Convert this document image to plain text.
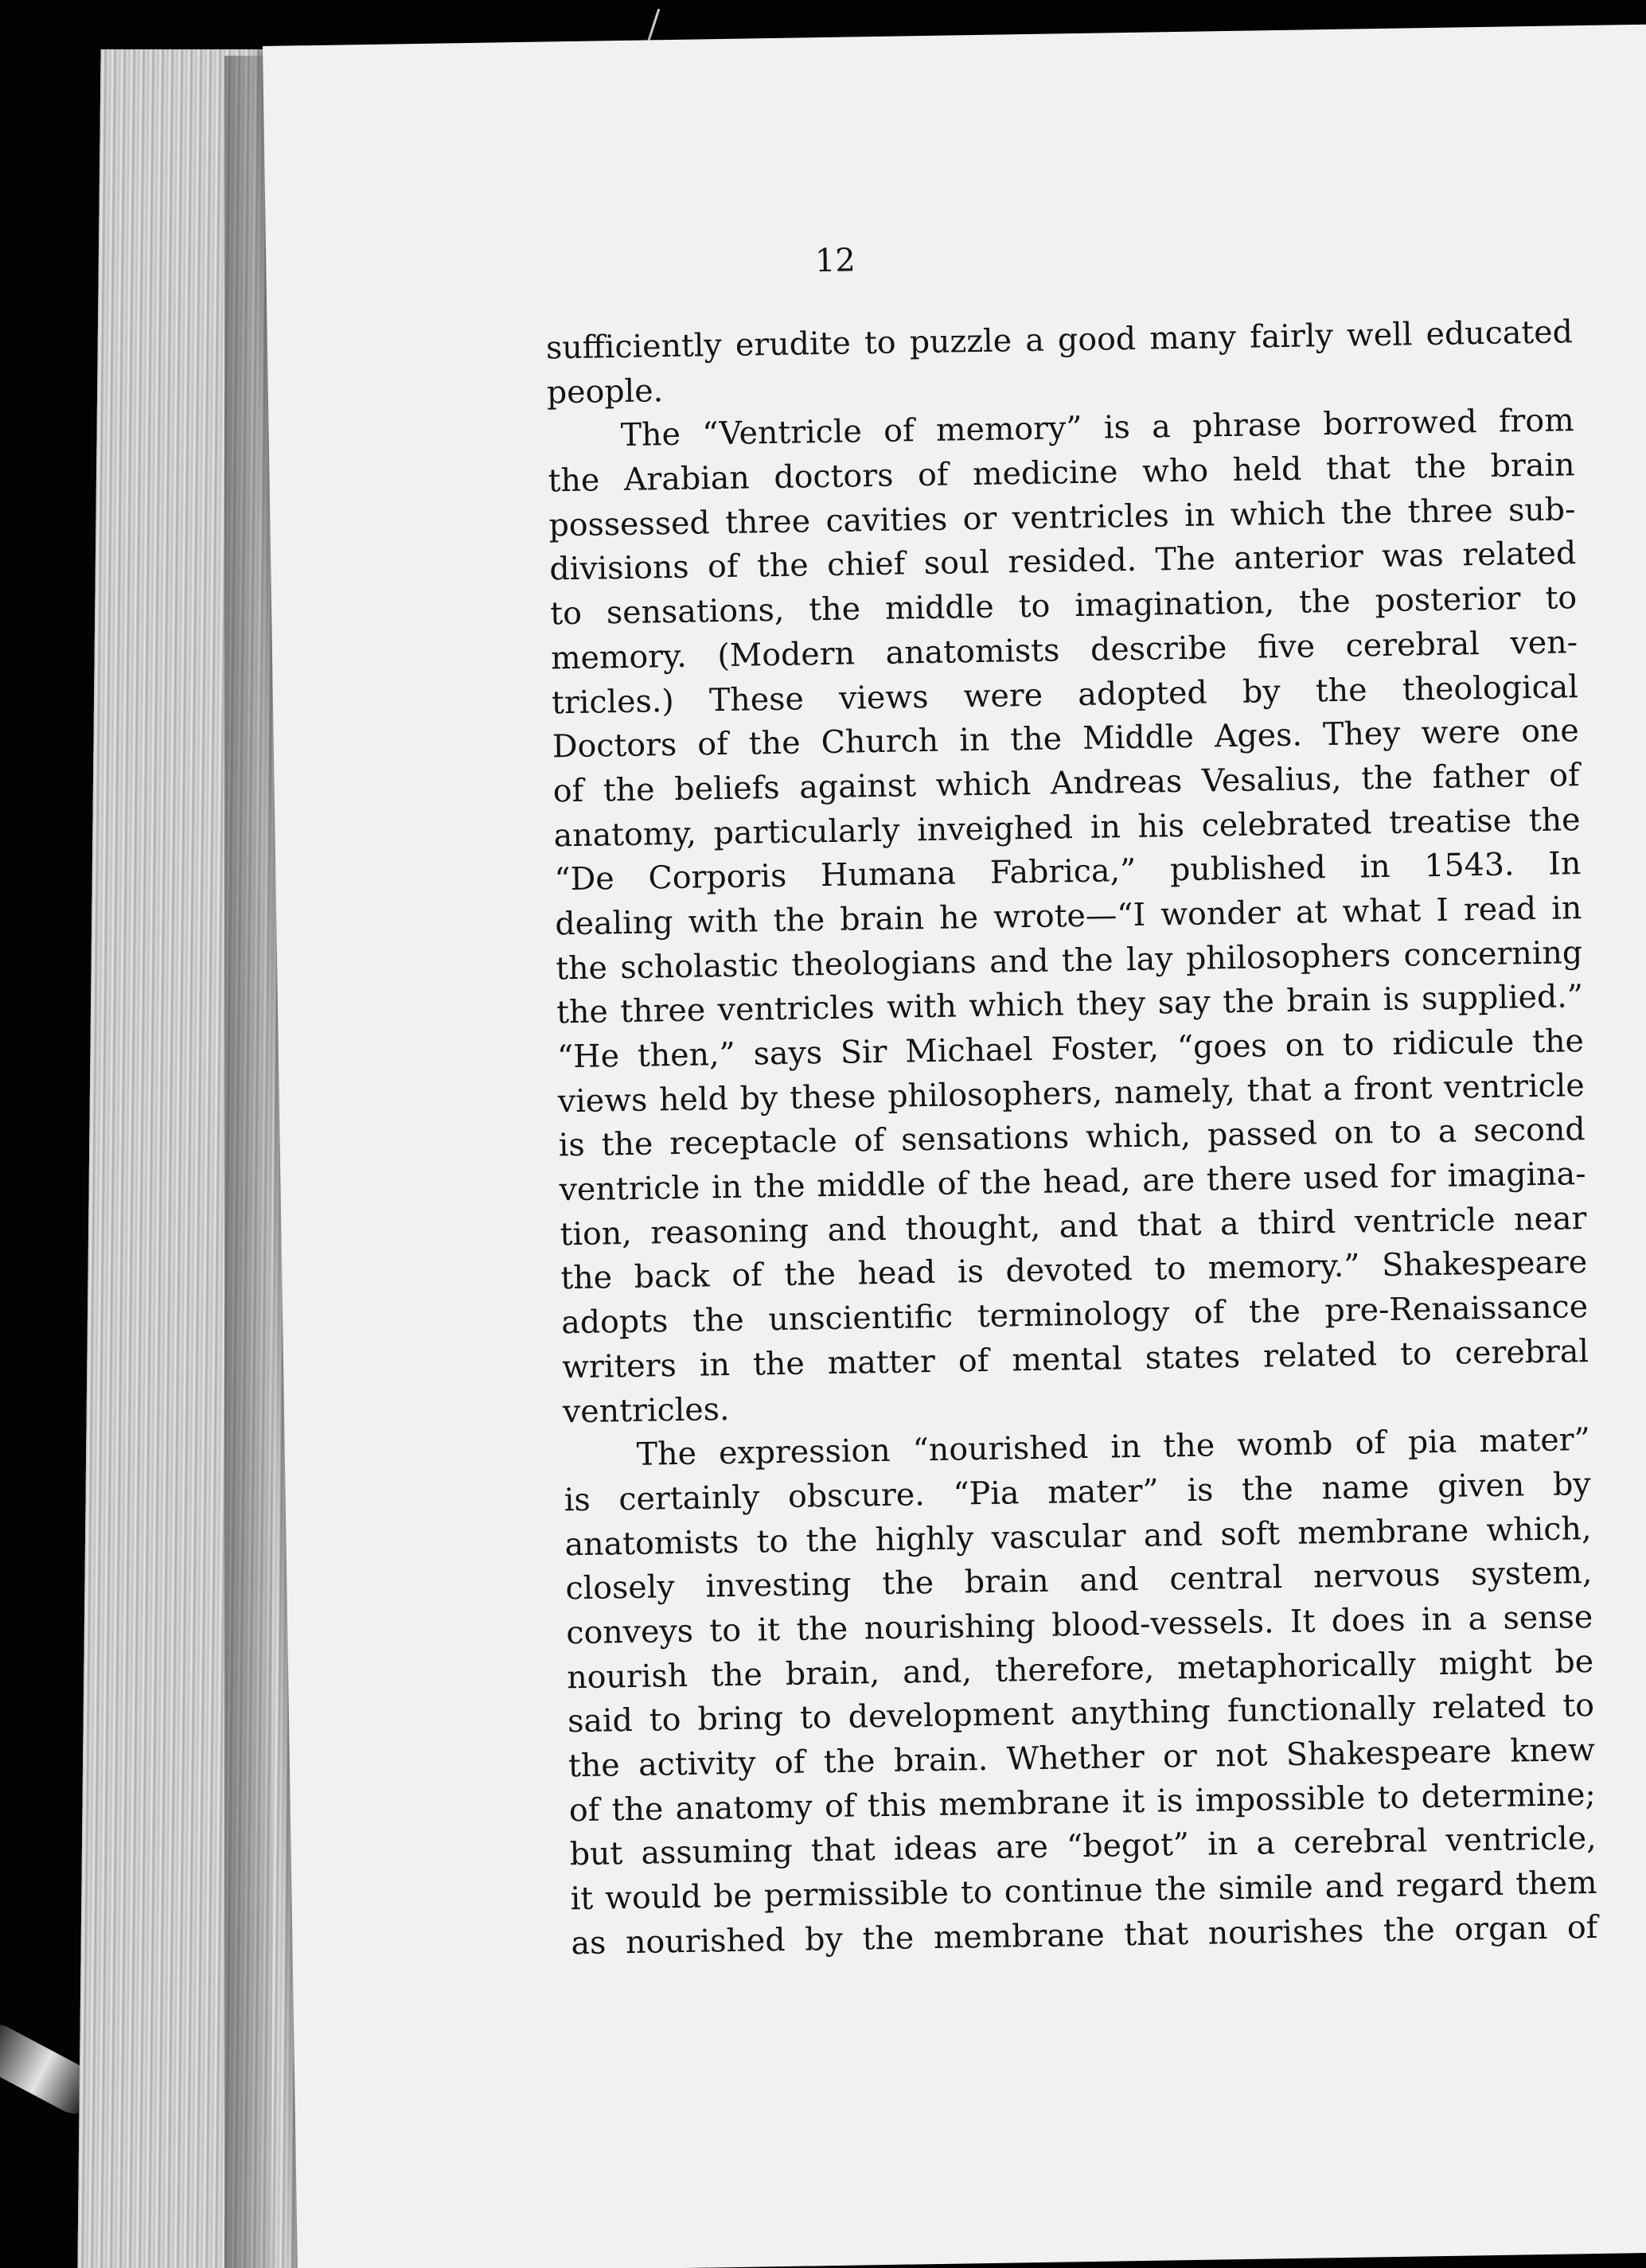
12
sufficiently erudite to puzzle a good many fairly well educated
people.
The “Ventricle of memory” is a phrase borrowed from
the Arabian doctors of medicine who held that the brain
possessed three cavities or ventricles in which the three sub-
divisions of the chief soul resided. The anterior was related
to sensations, the middle to imagination, the posterior to
memory. (Modern anatomists describe five cerebral ven-
tricles.) These views were adopted by the theological
Doctors of the Church in the Middle Ages. They were one
of the beliefs against which Andreas Vesalius, the father of
anatomy, particularly inveighed in his celebrated treatise the
“De Corporis Humana Fabrica,” published in 1543. In
dealing with the brain he wrote—“I wonder at what I read in
the scholastic theologians and the lay philosophers concerning
the three ventricles with which they say the brain is supplied.”
“He then,” says Sir Michael Foster, “goes on to ridicule the
views held by these philosophers, namely, that a front ventricle
is the receptacle of sensations which, passed on to a second
ventricle in the middle of the head, are there used for imagina-
tion, reasoning and thought, and that a third ventricle near
the back of the head is devoted to memory.” Shakespeare
adopts the unscientific terminology of the pre-Renaissance
writers in the matter of mental states related to cerebral
ventricles.
The expression “nourished in the womb of pia mater”
is certainly obscure. “Pia mater” is the name given by
anatomists to the highly vascular and soft membrane which,
closely investing the brain and central nervous system,
conveys to it the nourishing blood-vessels. It does in a sense
nourish the brain, and, therefore, metaphorically might be
said to bring to development anything functionally related to
the activity of the brain. Whether or not Shakespeare knew
of the anatomy of this membrane it is impossible to determine;
but assuming that ideas are “begot” in a cerebral ventricle,
it would be permissible to continue the simile and regard them
as nourished by the membrane that nourishes the organ of
